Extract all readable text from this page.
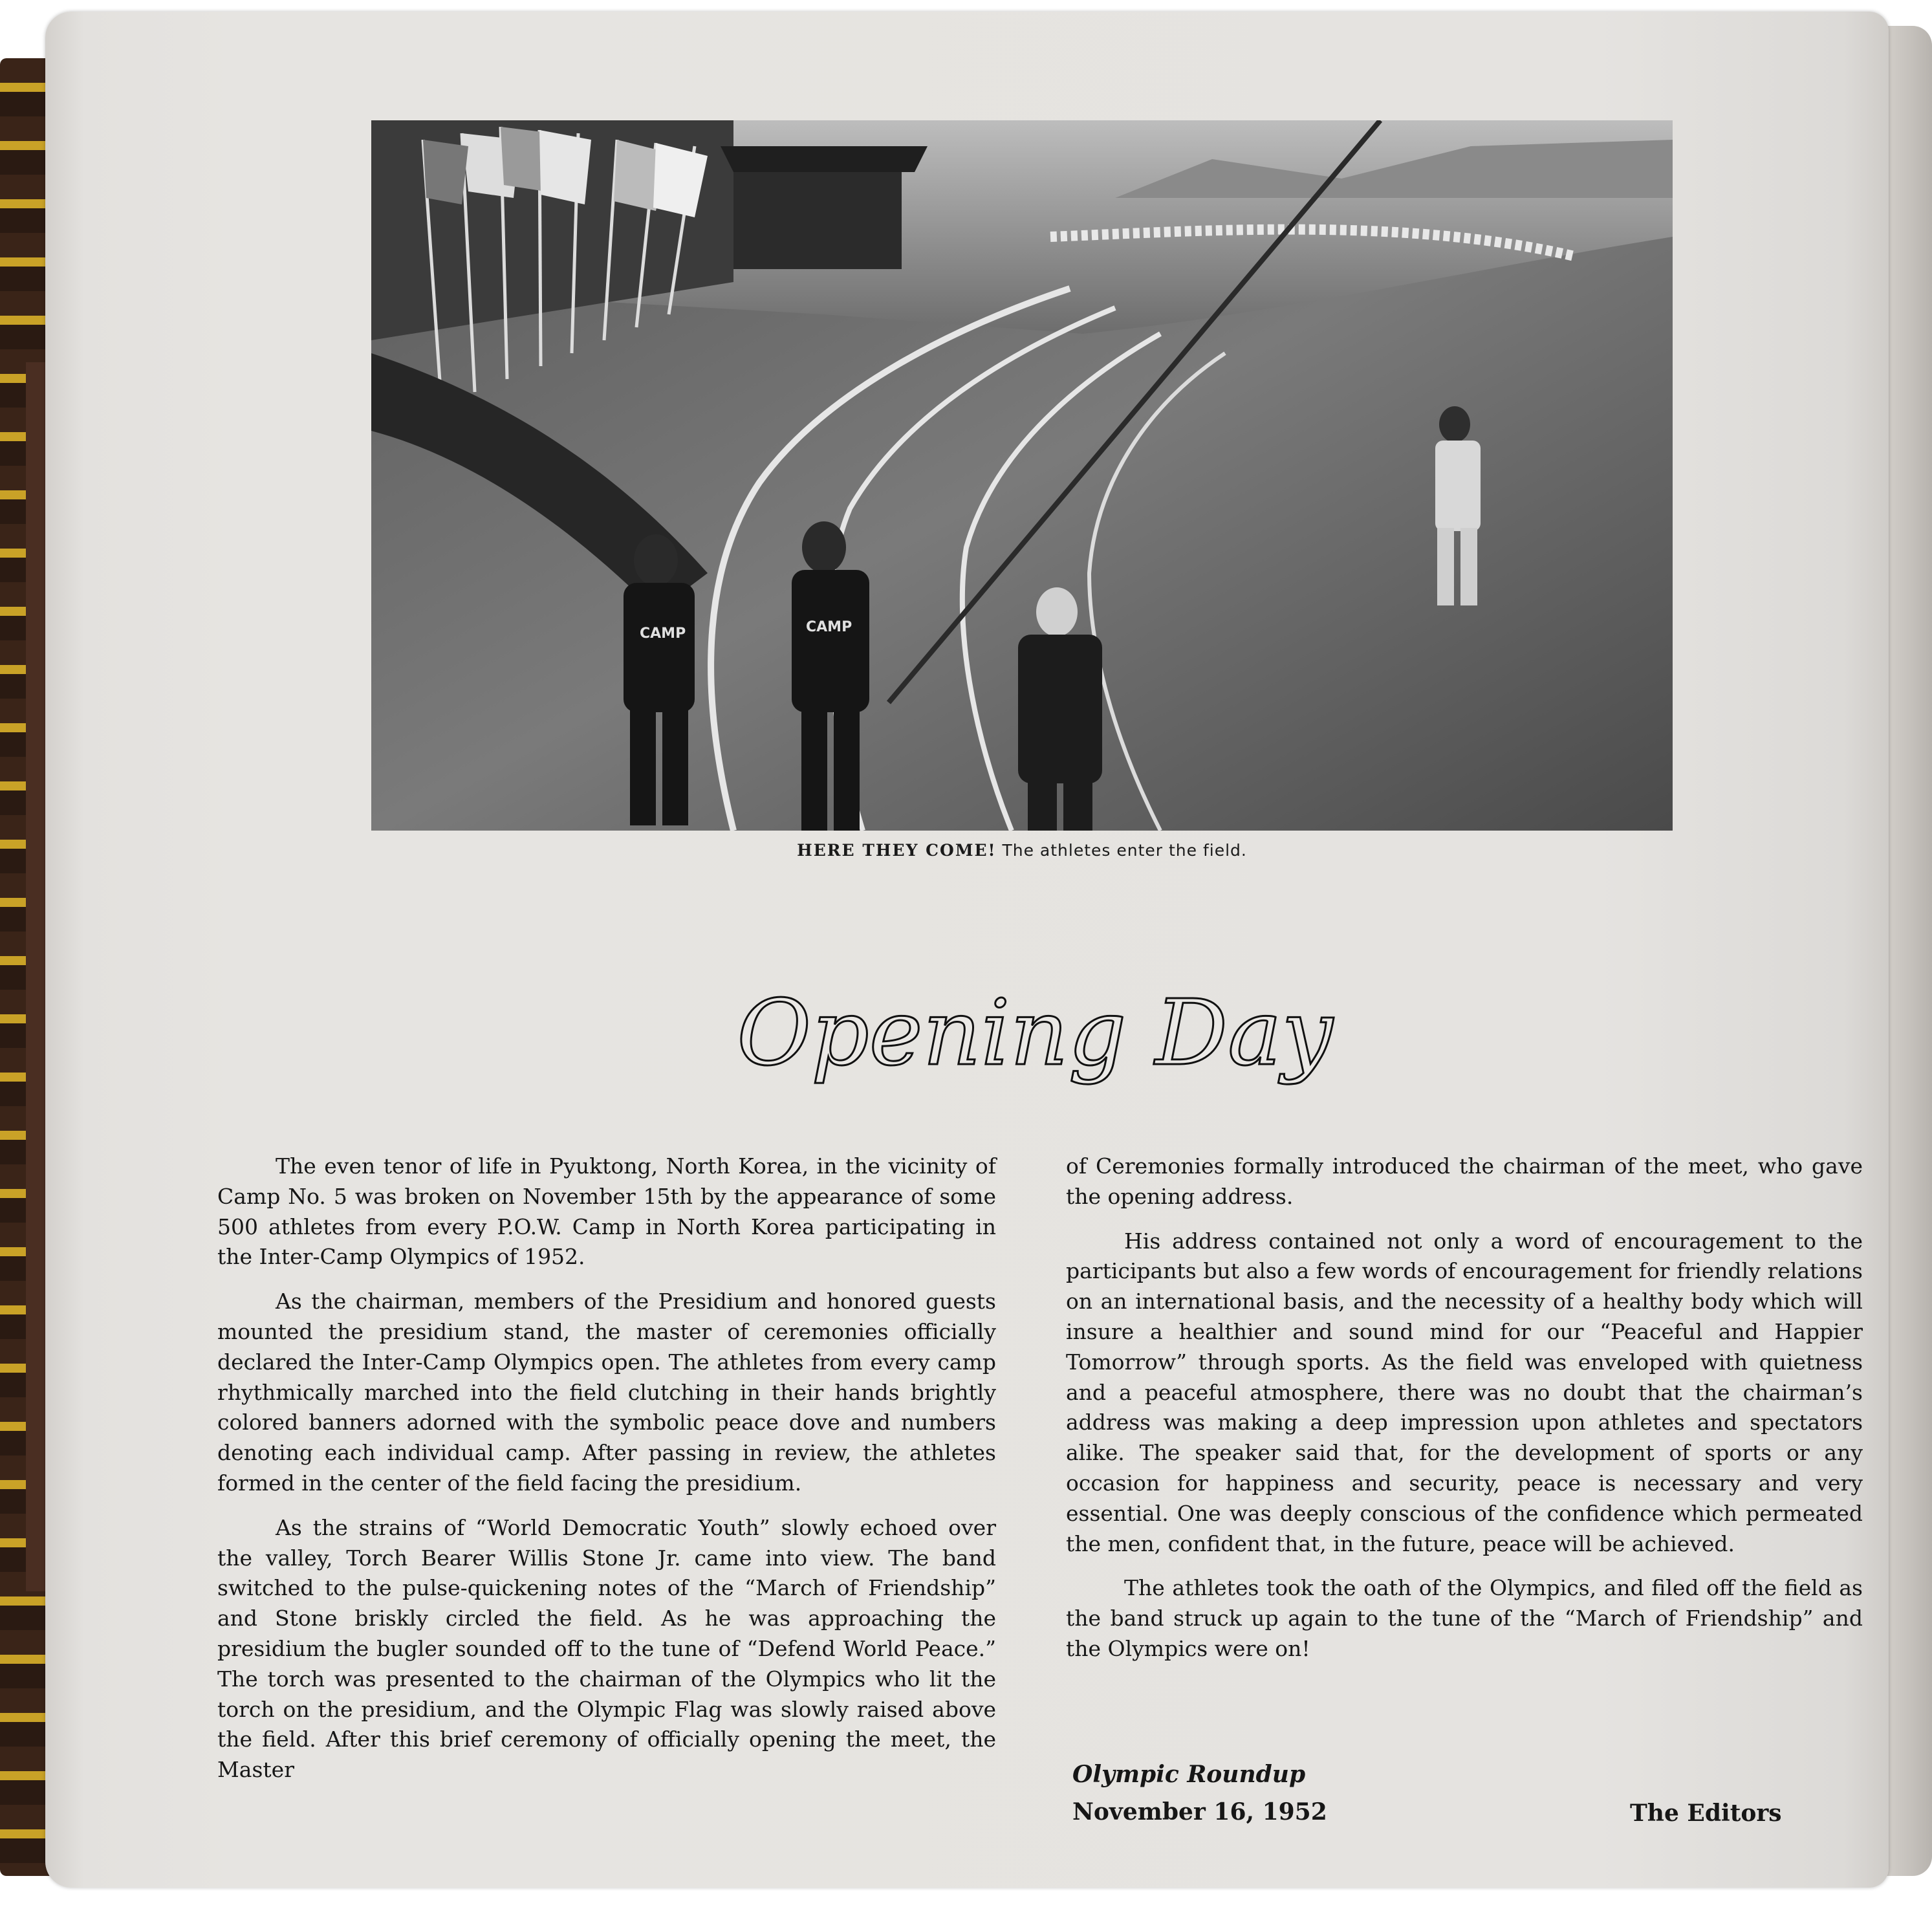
CAMP	CAMP
HERE THEY COME! The athletes enter the field.
Opening Day

The even tenor of life in Pyuktong, North Korea, in the vicinity of Camp No. 5 was broken on November 15th by the appearance of some 500 athletes from every P.O.W. Camp in North Korea participating in the Inter-Camp Olympics of 1952.

As the chairman, members of the Presidium and honored guests mounted the presidium stand, the master of ceremonies officially declared the Inter-Camp Olympics open. The athletes from every camp rhythmically marched into the field clutching in their hands brightly colored banners adorned with the symbolic peace dove and numbers denoting each individual camp. After passing in review, the athletes formed in the center of the field facing the presidium.

As the strains of “World Democratic Youth” slowly echoed over the valley, Torch Bearer Willis Stone Jr. came into view. The band switched to the pulse-quickening notes of the “March of Friendship” and Stone briskly circled the field. As he was approaching the presidium the bugler sounded off to the tune of “Defend World Peace.” The torch was presented to the chairman of the Olympics who lit the torch on the presidium, and the Olympic Flag was slowly raised above the field. After this brief ceremony of officially opening the meet, the Master

of Ceremonies formally introduced the chairman of the meet, who gave the opening address.

His address contained not only a word of encouragement to the participants but also a few words of encouragement for friendly relations on an international basis, and the necessity of a healthy body which will insure a healthier and sound mind for our “Peaceful and Happier Tomorrow” through sports. As the field was enveloped with quietness and a peaceful atmosphere, there was no doubt that the chairman’s address was making a deep impression upon athletes and spectators alike. The speaker said that, for the development of sports or any occasion for happiness and security, peace is necessary and very essential. One was deeply conscious of the confidence which permeated the men, confident that, in the future, peace will be achieved.

The athletes took the oath of the Olympics, and filed off the field as the band struck up again to the tune of the “March of Friendship” and the Olympics were on!

Olympic Roundup
November 16, 1952	The Editors
